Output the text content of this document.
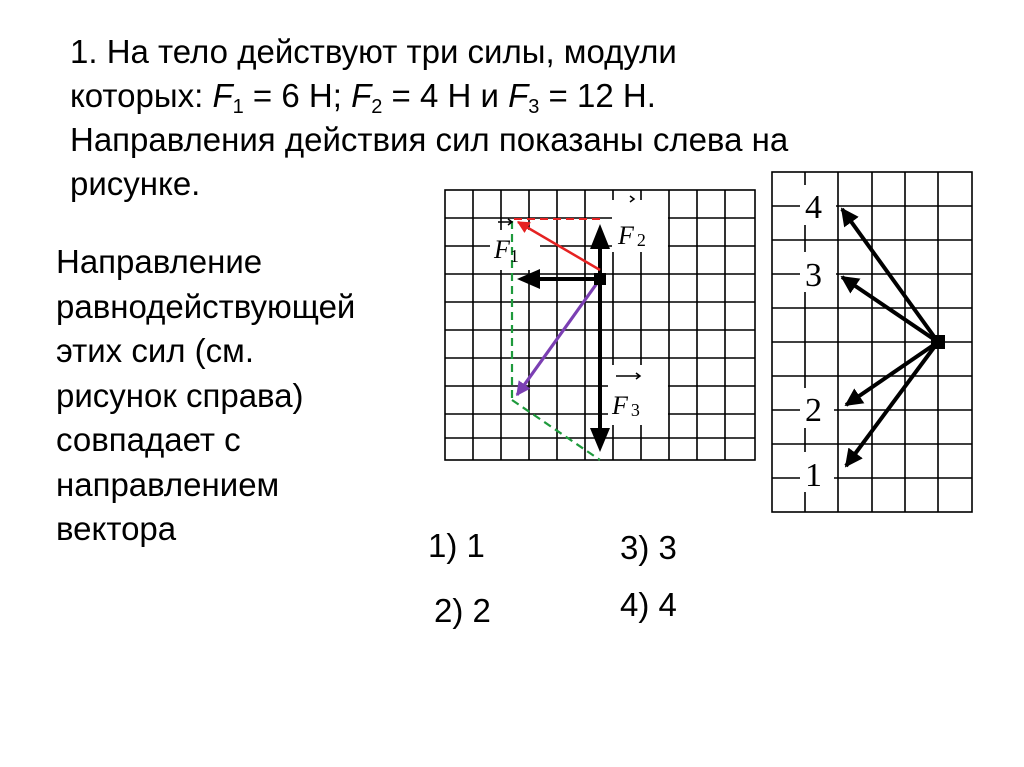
1. На тело действуют три силы, модули
которых: $F_1 = 6$ Н; $F_2 = 4$ Н и $F_3 = 12$ Н.
Направления действия сил показаны слева на
рисунке.

Направление
равнодействующей
этих сил (см.
рисунок справа)
совпадает с
направлением
вектора	1) 1
2) 2
3) 3
4) 4
F1
F 2
F 3
4
3
2
1
